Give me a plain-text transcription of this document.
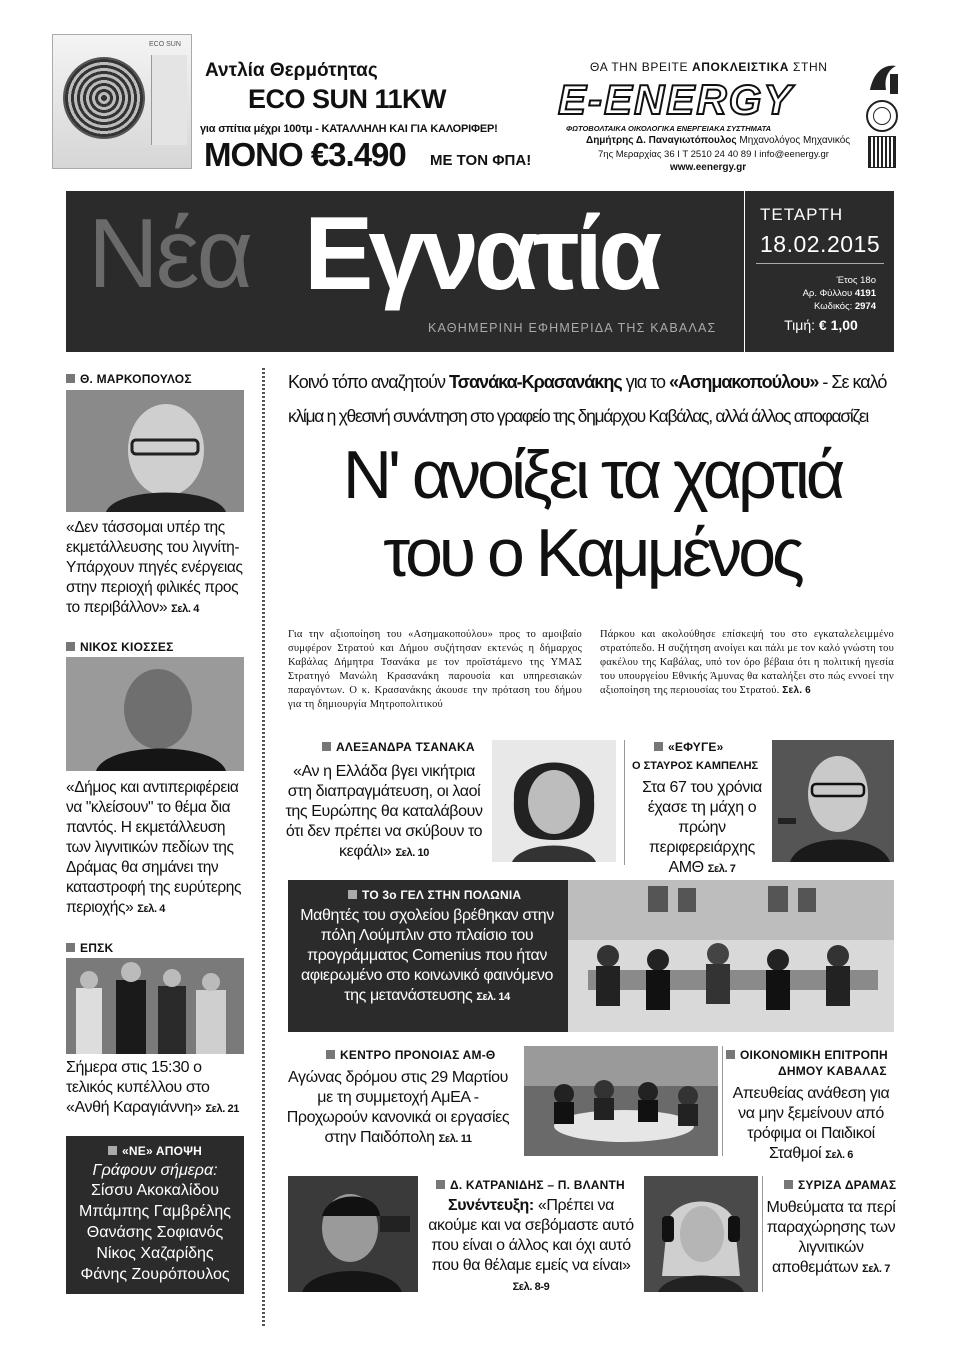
ECO SUN
Αντλία Θερμότητας
ECO SUN 11KW
για σπίτια μέχρι 100τμ - ΚΑΤΑΛΛΗΛΗ ΚΑΙ ΓΙΑ ΚΑΛΟΡΙΦΕΡ!
ΜΟΝΟ €3.490 ΜΕ ΤΟΝ ΦΠΑ!
ΘΑ ΤΗΝ ΒΡΕΙΤΕ ΑΠΟΚΛΕΙΣΤΙΚΑ ΣΤΗΝ
E-ENERGY
ΦΩΤΟΒΟΛΤΑΙΚΑ ΟΙΚΟΛΟΓΙΚΑ ΕΝΕΡΓΕΙΑΚΑ ΣΥΣΤΗΜΑΤΑ
Δημήτρης Δ. Παναγιωτόπουλος Μηχανολόγος Μηχανικός
7ης Μεραρχίας 36 Ι Τ 2510 24 40 89 Ι info@eenergy.gr
www.eenergy.gr
Νέα Εγνατία
ΚΑΘΗΜΕΡΙΝΗ ΕΦΗΜΕΡΙΔΑ ΤΗΣ ΚΑΒΑΛΑΣ
ΤΕΤΑΡΤΗ
18.02.2015
Έτος 18ο
Αρ. Φύλλου 4191
Κωδικός: 2974
Τιμή: € 1,00
Θ. ΜΑΡΚΟΠΟΥΛΟΣ
«Δεν τάσσομαι υπέρ της εκμετάλλευσης του λιγνίτη-Υπάρχουν πηγές ενέργειας στην περιοχή φιλικές προς το περιβάλλον» Σελ. 4
ΝΙΚΟΣ ΚΙΟΣΣΕΣ
«Δήμος και αντιπεριφέρεια να "κλείσουν" το θέμα δια παντός. Η εκμετάλλευση των λιγνιτικών πεδίων της Δράμας θα σημάνει την καταστροφή της ευρύτερης περιοχής» Σελ. 4
ΕΠΣΚ
Σήμερα στις 15:30 ο τελικός κυπέλλου στο «Ανθή Καραγιάννη» Σελ. 21
«ΝΕ» ΑΠΟΨΗ
Γράφουν σήμερα:
Σίσσυ Ακοκαλίδου
Μπάμπης Γαμβρέλης
Θανάσης Σοφιανός
Νίκος Χαζαρίδης
Φάνης Ζουρόπουλος
Κοινό τόπο αναζητούν Τσανάκα-Κρασανάκης για το «Ασημακοπούλου» - Σε καλό
κλίμα η χθεσινή συνάντηση στο γραφείο της δημάρχου Καβάλας, αλλά άλλος αποφασίζει
Ν' ανοίξει τα χαρτιά
του ο Καμμένος
Για την αξιοποίηση του «Ασημακοπούλου» προς το αμοιβαίο συμφέρον Στρατού και Δήμου συζήτησαν εκτενώς η δήμαρχος Καβάλας Δήμητρα Τσανάκα με τον προϊστάμενο της ΥΜΑΣ Στρατηγό Μανώλη Κρασανάκη παρουσία και υπηρεσιακών παραγόντων. Ο κ. Κρασανάκης άκουσε την πρόταση του δήμου για τη δημιουργία Μητροπολιτικού
Πάρκου και ακολούθησε επίσκεψή του στο εγκαταλελειμμένο στρατόπεδο. Η συζήτηση ανοίγει και πάλι με τον καλό γνώστη του φακέλου της Καβάλας, υπό τον όρο βέβαια ότι η πολιτική ηγεσία του υπουργείου Εθνικής Άμυνας θα καταλήξει στο πώς εννοεί την αξιοποίηση της περιουσίας του Στρατού. Σελ. 6
ΑΛΕΞΑΝΔΡΑ ΤΣΑΝΑΚΑ
«Αν η Ελλάδα βγει νικήτρια στη διαπραγμάτευση, οι λαοί της Ευρώπης θα καταλάβουν ότι δεν πρέπει να σκύβουν το κεφάλι» Σελ. 10
«ΕΦΥΓΕ»
Ο ΣΤΑΥΡΟΣ ΚΑΜΠΕΛΗΣ
Στα 67 του χρόνια έχασε τη μάχη ο πρώην περιφερειάρχης ΑΜΘ Σελ. 7
ΤΟ 3ο ΓΕΛ ΣΤΗΝ ΠΟΛΩΝΙΑ
Μαθητές του σχολείου βρέθηκαν στην πόλη Λούμπλιν στο πλαίσιο του προγράμματος Comenius που ήταν αφιερωμένο στο κοινωνικό φαινόμενο της μετανάστευσης Σελ. 14
ΚΕΝΤΡΟ ΠΡΟΝΟΙΑΣ ΑΜ-Θ
Αγώνας δρόμου στις 29 Μαρτίου με τη συμμετοχή ΑμΕΑ - Προχωρούν κανονικά οι εργασίες στην Παιδόπολη Σελ. 11
ΟΙΚΟΝΟΜΙΚΗ ΕΠΙΤΡΟΠΗ
ΔΗΜΟΥ ΚΑΒΑΛΑΣ
Απευθείας ανάθεση για να μην ξεμείνουν από τρόφιμα οι Παιδικοί Σταθμοί Σελ. 6
Δ. ΚΑΤΡΑΝΙΔΗΣ – Π. ΒΛΑΝΤΗ
Συνέντευξη: «Πρέπει να ακούμε και να σεβόμαστε αυτό που είναι ο άλλος και όχι αυτό που θα θέλαμε εμείς να είναι» Σελ. 8-9
ΣΥΡΙΖΑ ΔΡΑΜΑΣ
Μυθεύματα τα περί παραχώρησης των λιγνιτικών αποθεμάτων Σελ. 7
